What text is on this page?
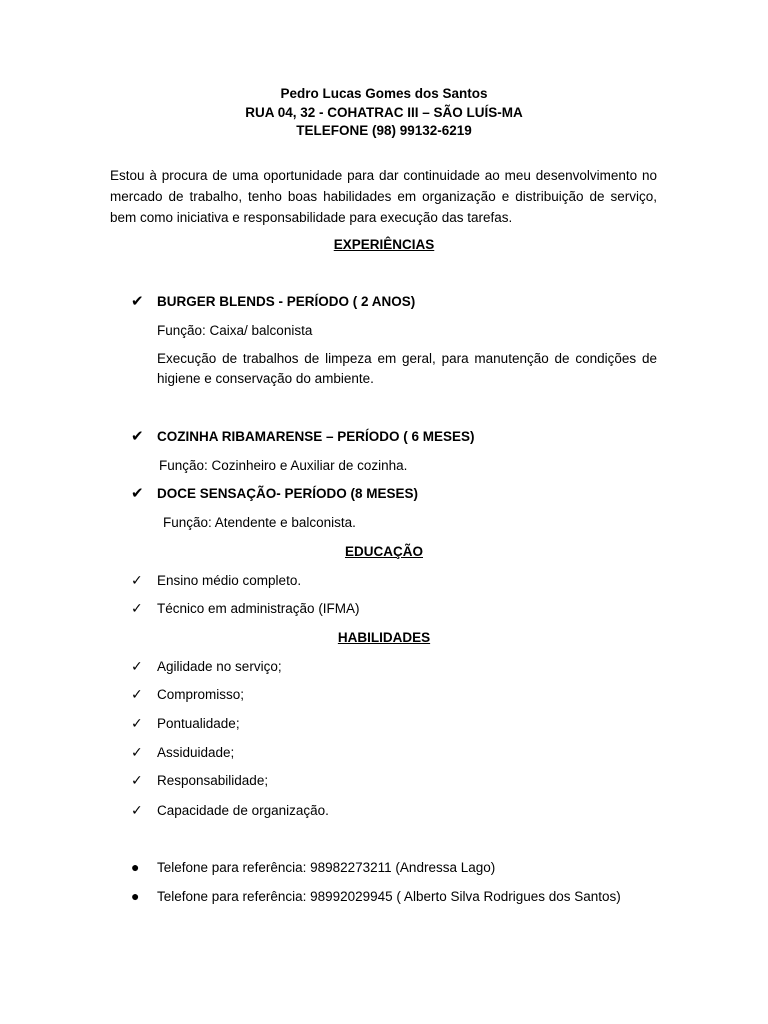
Pedro Lucas Gomes dos Santos
RUA 04, 32 - COHATRAC III – SÃO LUÍS-MA
TELEFONE (98) 99132-6219
Estou à procura de uma oportunidade para dar continuidade ao meu desenvolvimento no mercado de trabalho, tenho boas habilidades em organização e distribuição de serviço, bem como iniciativa e responsabilidade para execução das tarefas.
EXPERIÊNCIAS
✔ BURGER BLENDS - PERÍODO ( 2 ANOS)
Função: Caixa/ balconista
Execução de trabalhos de limpeza em geral, para manutenção de condições de higiene e conservação do ambiente.
✔ COZINHA RIBAMARENSE – PERÍODO ( 6 MESES)
Função: Cozinheiro e Auxiliar de cozinha.
✔ DOCE SENSAÇÃO- PERÍODO (8 MESES)
Função: Atendente e balconista.
EDUCAÇÃO
✓ Ensino médio completo.
✓ Técnico em administração (IFMA)
HABILIDADES
✓ Agilidade no serviço;
✓ Compromisso;
✓ Pontualidade;
✓ Assiduidade;
✓ Responsabilidade;
✓ Capacidade de organização.
● Telefone para referência: 98982273211 (Andressa Lago)
● Telefone para referência: 98992029945 ( Alberto Silva Rodrigues dos Santos)
